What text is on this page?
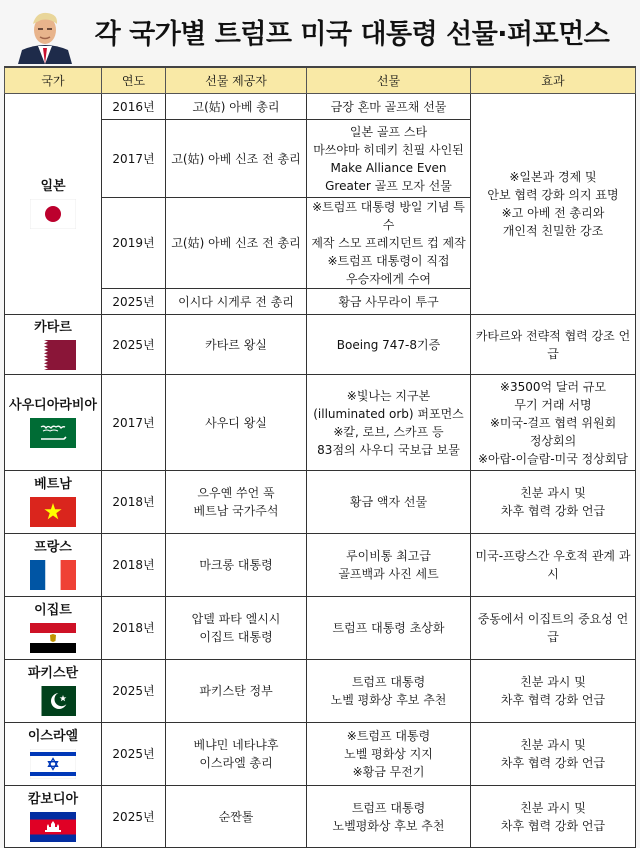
각 국가별 트럼프 미국 대통령 선물·퍼포먼스
국가	연도	선물 제공자	선물	효과

일본	2016년	고(姑) 아베 총리	금장 혼마 골프채 선물	※일본과 경제 및
안보 협력 강화 의지 표명
※고 아베 전 총리와
개인적 친밀한 강조
	2017년	고(姑) 아베 신조 전 총리	일본 골프 스타
마쓰야마 히데키 친필 사인된
Make Alliance Even
Greater 골프 모자 선물	
	2019년	고(姑) 아베 신조 전 총리	※트럼프 대통령 방일 기념 특수
제작 스모 프레지던트 컵 제작
※트럼프 대통령이 직접
우승자에게 수여	
	2025년	이시다 시게루 전 총리	황금 사무라이 투구	

카타르	2025년	카타르 왕실	Boeing 747-8기증	카타르와 전략적 협력 강조 언급

사우디아라비아	2017년	사우디 왕실	※빛나는 지구본
(illuminated orb) 퍼포먼스
※칼, 로브, 스카프 등
83점의 사우디 국보급 보물	※3500억 달러 규모
무기 거래 서명
※미국-걸프 협력 위원회
정상회의
※아랍-이슬람-미국 정상회담

베트남	2018년	으우옌 쑤언 푹
베트남 국가주석	황금 액자 선물	친분 과시 및
차후 협력 강화 언급

프랑스	2018년	마크롱 대통령	루이비통 최고급
골프백과 사진 세트	미국-프랑스간 우호적 관계 과시

이집트	2018년	압델 파타 엘시시
이집트 대통령	트럼프 대통령 초상화	중동에서 이집트의 중요성 언급

파키스탄	2025년	파키스탄 정부	트럼프 대통령
노벨 평화상 후보 추천	친분 과시 및
차후 협력 강화 언급

이스라엘	2025년	베냐민 네타냐후
이스라엘 총리	※트럼프 대통령
노벨 평화상 지지
※황금 무전기	친분 과시 및
차후 협력 강화 언급

캄보디아	2025년	순짠톨	트럼프 대통령
노벨평화상 후보 추천	친분 과시 및
차후 협력 강화 언급
